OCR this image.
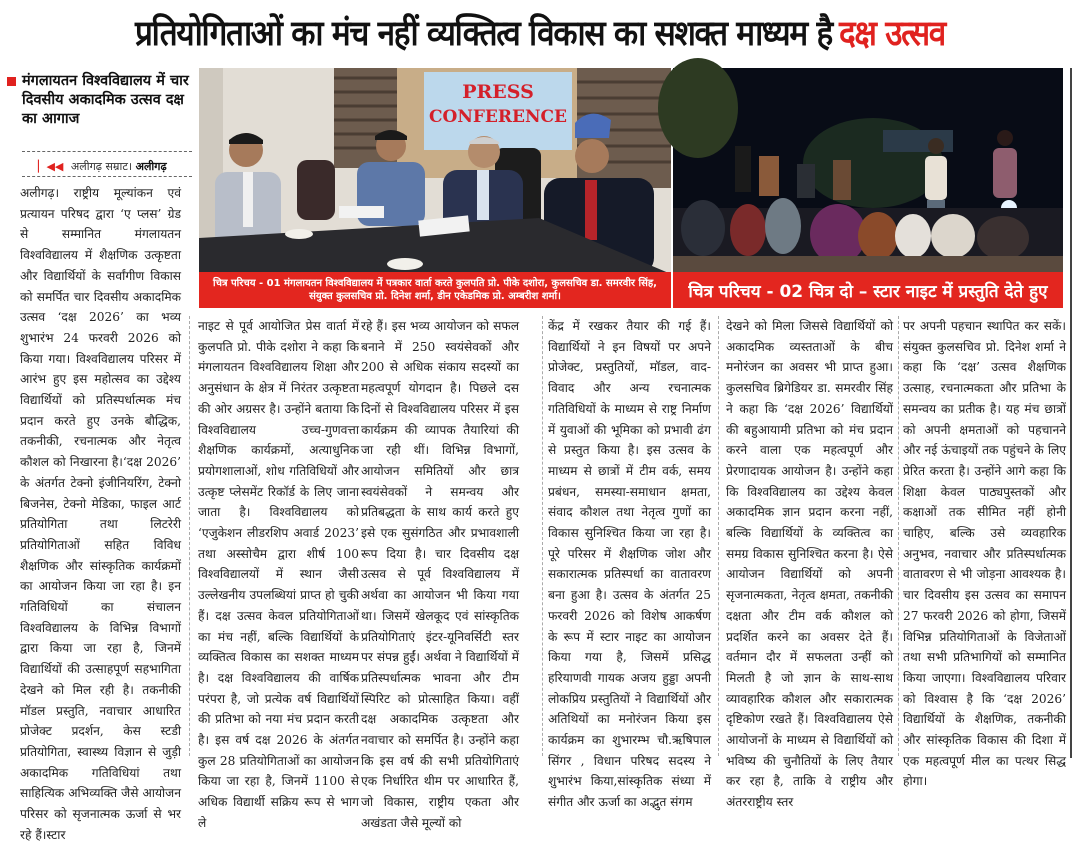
प्रतियोगिताओं का मंच नहीं व्यक्तित्व विकास का सशक्त माध्यम है दक्ष उत्सव
मंगलायतन विश्वविद्यालय में चार दिवसीय अकादमिक उत्सव दक्ष का आगाज
▏◀◀ अलीगढ़ सम्राट। अलीगढ़
PRESS
CONFERENCE
चित्र परिचय - 01 मंगलायतन विश्वविद्यालय में पत्रकार वार्ता करते कुलपति प्रो. पीके दशोरा, कुलसचिव डा. समरवीर सिंह, संयुक्त कुलसचिव प्रो. दिनेश शर्मा, डीन एकेडमिक प्रो. अम्बरीश शर्मा।	चित्र परिचय - 02 चित्र दो – स्टार नाइट में प्रस्तुति देते हुए
अलीगढ़। राष्ट्रीय मूल्यांकन एवं प्रत्यायन परिषद द्वारा ‘ए प्लस’ ग्रेड से सम्मानित मंगलायतन विश्वविद्यालय में शैक्षणिक उत्कृष्टता और विद्यार्थियों के सर्वांगीण विकास को समर्पित चार दिवसीय अकादमिक उत्सव ‘दक्ष 2026’ का भव्य शुभारंभ 24 फरवरी 2026 को किया गया। विश्वविद्यालय परिसर में आरंभ हुए इस महोत्सव का उद्देश्य विद्यार्थियों को प्रतिस्पर्धात्मक मंच प्रदान करते हुए उनके बौद्धिक, तकनीकी, रचनात्मक और नेतृत्व कौशल को निखारना है।‘दक्ष 2026’ के अंतर्गत टेक्नो इंजीनियरिंग, टेक्नो बिजनेस, टेक्नो मेडिका, फाइल आर्ट प्रतियोगिता तथा लिटरेरी प्रतियोगिताओं सहित विविध शैक्षणिक और सांस्कृतिक कार्यक्रमों का आयोजन किया जा रहा है। इन गतिविधियों का संचालन विश्वविद्यालय के विभिन्न विभागों द्वारा किया जा रहा है, जिनमें विद्यार्थियों की उत्साहपूर्ण सहभागिता देखने को मिल रही है। तकनीकी मॉडल प्रस्तुति, नवाचार आधारित प्रोजेक्ट प्रदर्शन, केस स्टडी प्रतियोगिता, स्वास्थ्य विज्ञान से जुड़ी अकादमिक गतिविधियां तथा साहित्यिक अभिव्यक्ति जैसे आयोजन परिसर को सृजनात्मक ऊर्जा से भर रहे हैं।स्टार
नाइट से पूर्व आयोजित प्रेस वार्ता में कुलपति प्रो. पीके दशोरा ने कहा कि मंगलायतन विश्वविद्यालय शिक्षा और अनुसंधान के क्षेत्र में निरंतर उत्कृष्टता की ओर अग्रसर है। उन्होंने बताया कि विश्वविद्यालय उच्च-गुणवत्ता शैक्षणिक कार्यक्रमों, अत्याधुनिक प्रयोगशालाओं, शोध गतिविधियों और उत्कृष्ट प्लेसमेंट रिकॉर्ड के लिए जाना जाता है। विश्वविद्यालय को ‘एजुकेशन लीडरशिप अवार्ड 2023’ तथा अस्सोचैम द्वारा शीर्ष 100 विश्वविद्यालयों में स्थान जैसी उल्लेखनीय उपलब्धियां प्राप्त हो चुकी हैं। दक्ष उत्सव केवल प्रतियोगिताओं का मंच नहीं, बल्कि विद्यार्थियों के व्यक्तित्व विकास का सशक्त माध्यम है। दक्ष विश्वविद्यालय की वार्षिक परंपरा है, जो प्रत्येक वर्ष विद्यार्थियों की प्रतिभा को नया मंच प्रदान करती है। इस वर्ष दक्ष 2026 के अंतर्गत कुल 28 प्रतियोगिताओं का आयोजन किया जा रहा है, जिनमें 1100 से अधिक विद्यार्थी सक्रिय रूप से भाग ले
रहे हैं। इस भव्य आयोजन को सफल बनाने में 250 स्वयंसेवकों और 200 से अधिक संकाय सदस्यों का महत्वपूर्ण योगदान है। पिछले दस दिनों से विश्वविद्यालय परिसर में इस कार्यक्रम की व्यापक तैयारियां की जा रही थीं। विभिन्न विभागों, आयोजन समितियों और छात्र स्वयंसेवकों ने समन्वय और प्रतिबद्धता के साथ कार्य करते हुए इसे एक सुसंगठित और प्रभावशाली रूप दिया है। चार दिवसीय दक्ष उत्सव से पूर्व विश्वविद्यालय में अर्थवा का आयोजन भी किया गया था। जिसमें खेलकूद एवं सांस्कृतिक प्रतियोगिताएं इंटर-यूनिवर्सिटी स्तर पर संपन्न हुईं। अर्थवा ने विद्यार्थियों में प्रतिस्पर्धात्मक भावना और टीम स्पिरिट को प्रोत्साहित किया। वहीं दक्ष अकादमिक उत्कृष्टता और नवाचार को समर्पित है। उन्होंने कहा कि इस वर्ष की सभी प्रतियोगिताएं एक निर्धारित थीम पर आधारित हैं, जो विकास, राष्ट्रीय एकता और अखंडता जैसे मूल्यों को
केंद्र में रखकर तैयार की गई हैं। विद्यार्थियों ने इन विषयों पर अपने प्रोजेक्ट, प्रस्तुतियों, मॉडल, वाद-विवाद और अन्य रचनात्मक गतिविधियों के माध्यम से राष्ट्र निर्माण में युवाओं की भूमिका को प्रभावी ढंग से प्रस्तुत किया है। इस उत्सव के माध्यम से छात्रों में टीम वर्क, समय प्रबंधन, समस्या-समाधान क्षमता, संवाद कौशल तथा नेतृत्व गुणों का विकास सुनिश्चित किया जा रहा है। पूरे परिसर में शैक्षणिक जोश और सकारात्मक प्रतिस्पर्धा का वातावरण बना हुआ है। उत्सव के अंतर्गत 25 फरवरी 2026 को विशेष आकर्षण के रूप में स्टार नाइट का आयोजन किया गया है, जिसमें प्रसिद्ध हरियाणवी गायक अजय हुड्डा अपनी लोकप्रिय प्रस्तुतियों ने विद्यार्थियों और अतिथियों का मनोरंजन किया इस कार्यक्रम का शुभारम्भ चौ.ऋषिपाल सिंगर , विधान परिषद सदस्य ने शुभारंभ किया,सांस्कृतिक संध्या में संगीत और ऊर्जा का अद्भुत संगम
देखने को मिला जिससे विद्यार्थियों को अकादमिक व्यस्तताओं के बीच मनोरंजन का अवसर भी प्राप्त हुआ।कुलसचिव ब्रिगेडियर डा. समरवीर सिंह ने कहा कि ‘दक्ष 2026’ विद्यार्थियों की बहुआयामी प्रतिभा को मंच प्रदान करने वाला एक महत्वपूर्ण और प्रेरणादायक आयोजन है। उन्होंने कहा कि विश्वविद्यालय का उद्देश्य केवल अकादमिक ज्ञान प्रदान करना नहीं, बल्कि विद्यार्थियों के व्यक्तित्व का समग्र विकास सुनिश्चित करना है। ऐसे आयोजन विद्यार्थियों को अपनी सृजनात्मकता, नेतृत्व क्षमता, तकनीकी दक्षता और टीम वर्क कौशल को प्रदर्शित करने का अवसर देते हैं। वर्तमान दौर में सफलता उन्हीं को मिलती है जो ज्ञान के साथ-साथ व्यावहारिक कौशल और सकारात्मक दृष्टिकोण रखते हैं। विश्वविद्यालय ऐसे आयोजनों के माध्यम से विद्यार्थियों को भविष्य की चुनौतियों के लिए तैयार कर रहा है, ताकि वे राष्ट्रीय और अंतरराष्ट्रीय स्तर
पर अपनी पहचान स्थापित कर सकें।संयुक्त कुलसचिव प्रो. दिनेश शर्मा ने कहा कि ‘दक्ष’ उत्सव शैक्षणिक उत्साह, रचनात्मकता और प्रतिभा के समन्वय का प्रतीक है। यह मंच छात्रों को अपनी क्षमताओं को पहचानने और नई ऊंचाइयों तक पहुंचने के लिए प्रेरित करता है। उन्होंने आगे कहा कि शिक्षा केवल पाठ्यपुस्तकों और कक्षाओं तक सीमित नहीं होनी चाहिए, बल्कि उसे व्यवहारिक अनुभव, नवाचार और प्रतिस्पर्धात्मक वातावरण से भी जोड़ना आवश्यक है। चार दिवसीय इस उत्सव का समापन 27 फरवरी 2026 को होगा, जिसमें विभिन्न प्रतियोगिताओं के विजेताओं तथा सभी प्रतिभागियों को सम्मानित किया जाएगा। विश्वविद्यालय परिवार को विश्वास है कि ‘दक्ष 2026’ विद्यार्थियों के शैक्षणिक, तकनीकी और सांस्कृतिक विकास की दिशा में एक महत्वपूर्ण मील का पत्थर सिद्ध होगा।
